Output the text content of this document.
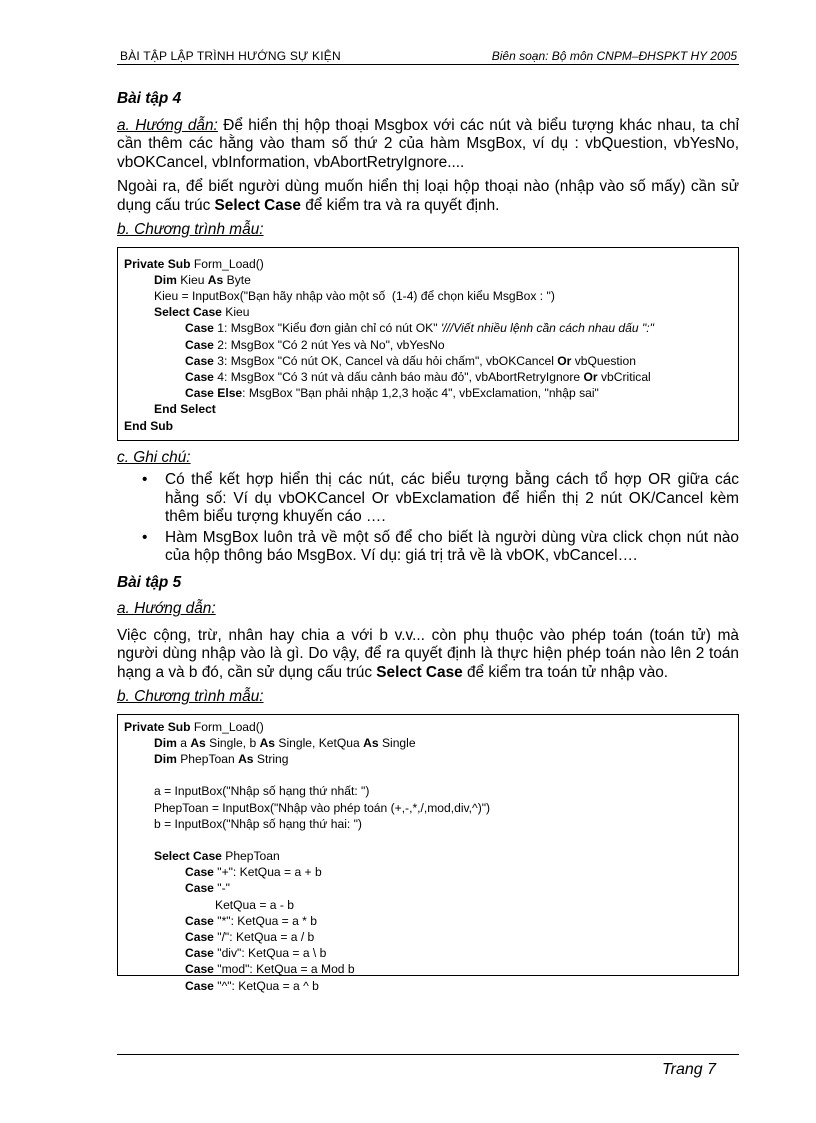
BÀI TẬP LẬP TRÌNH HƯỚNG SỰ KIỆN	Biên soạn: Bộ môn CNPM–ĐHSPKT HY 2005
Bài tập 4
a. Hướng dẫn: Để hiển thị hộp thoại Msgbox với các nút và biểu tượng khác nhau, ta chỉ cần thêm các hằng vào tham số thứ 2 của hàm MsgBox, ví dụ : vbQuestion, vbYesNo, vbOKCancel, vbInformation, vbAbortRetryIgnore....
Ngoài ra, để biết người dùng muốn hiển thị loại hộp thoại nào (nhập vào số mấy) cần sử dụng cấu trúc Select Case để kiểm tra và ra quyết định.
b. Chương trình mẫu:
Private Sub Form_Load()
Dim Kieu As Byte
Kieu = InputBox("Bạn hãy nhập vào một số  (1-4) để chọn kiểu MsgBox : ")
Select Case Kieu
Case 1: MsgBox "Kiểu đơn giản chỉ có nút OK" '///Viết nhiều lệnh cần cách nhau dấu ":"
Case 2: MsgBox "Có 2 nút Yes và No", vbYesNo
Case 3: MsgBox "Có nút OK, Cancel và dấu hỏi chấm", vbOKCancel Or vbQuestion
Case 4: MsgBox "Có 3 nút và dấu cảnh báo màu đỏ", vbAbortRetryIgnore Or vbCritical
Case Else: MsgBox "Bạn phải nhập 1,2,3 hoặc 4", vbExclamation, "nhập sai"
End Select
End Sub
c. Ghi chú:
• Có thể kết hợp hiển thị các nút, các biểu tượng bằng cách tổ hợp OR giữa các hằng số: Ví dụ vbOKCancel Or vbExclamation để hiển thị 2 nút OK/Cancel kèm thêm biểu tượng khuyến cáo ….
• Hàm MsgBox luôn trả về một số để cho biết là người dùng vừa click chọn nút nào của hộp thông báo MsgBox. Ví dụ: giá trị trả về là vbOK, vbCancel….
Bài tập 5
a. Hướng dẫn:
Việc cộng, trừ, nhân hay chia a với b v.v... còn phụ thuộc vào phép toán (toán tử) mà người dùng nhập vào là gì. Do vậy, để ra quyết định là thực hiện phép toán nào lên 2 toán hạng a và b đó, cần sử dụng cấu trúc Select Case để kiểm tra toán tử nhập vào.
b. Chương trình mẫu:
Private Sub Form_Load()
Dim a As Single, b As Single, KetQua As Single
Dim PhepToan As String
a = InputBox("Nhập số hạng thứ nhất: ")
PhepToan = InputBox("Nhập vào phép toán (+,-,*,/,mod,div,^)")
b = InputBox("Nhập số hạng thứ hai: ")
Select Case PhepToan
Case "+": KetQua = a + b
Case "-"
KetQua = a - b
Case "*": KetQua = a * b
Case "/": KetQua = a / b
Case "div": KetQua = a \ b
Case "mod": KetQua = a Mod b
Case "^": KetQua = a ^ b
Trang 7
